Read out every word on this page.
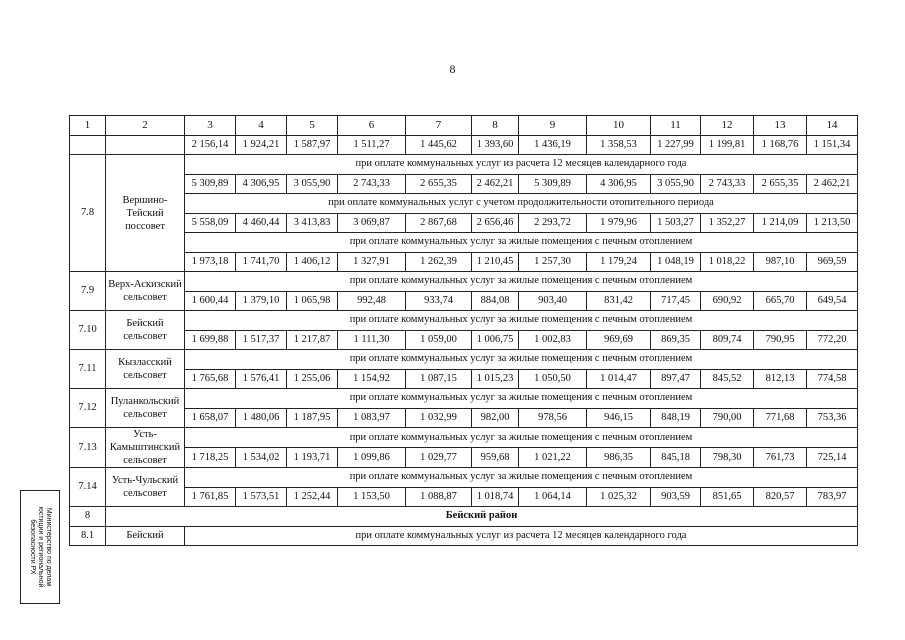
8
1	2	3	4	5	6	7	8	9	10	11	12	13	14
		2 156,14	1 924,21	1 587,97	1 511,27	1 445,62	1 393,60	1 436,19	1 358,53	1 227,99	1 199,81	1 168,76	1 151,34
7.8	Вершино-Тейский поссовет	при оплате коммунальных услуг из расчета 12 месяцев календарного года											
		5 309,89	4 306,95	3 055,90	2 743,33	2 655,35	2 462,21	5 309,89	4 306,95	3 055,90	2 743,33	2 655,35	2 462,21
		при оплате коммунальных услуг с учетом продолжительности отопительного периода											
		5 558,09	4 460,44	3 413,83	3 069,87	2 867,68	2 656,46	2 293,72	1 979,96	1 503,27	1 352,27	1 214,09	1 213,50
		при оплате коммунальных услуг за жилые помещения с печным отоплением											
		1 973,18	1 741,70	1 406,12	1 327,91	1 262,39	1 210,45	1 257,30	1 179,24	1 048,19	1 018,22	987,10	969,59
7.9	Верх-Аскизский сельсовет	при оплате коммунальных услуг за жилые помещения с печным отоплением											
		1 600,44	1 379,10	1 065,98	992,48	933,74	884,08	903,40	831,42	717,45	690,92	665,70	649,54
7.10	Бейский сельсовет	при оплате коммунальных услуг за жилые помещения с печным отоплением											
		1 699,88	1 517,37	1 217,87	1 111,30	1 059,00	1 006,75	1 002,83	969,69	869,35	809,74	790,95	772,20
7.11	Кызласский сельсовет	при оплате коммунальных услуг за жилые помещения с печным отоплением											
		1 765,68	1 576,41	1 255,06	1 154,92	1 087,15	1 015,23	1 050,50	1 014,47	897,47	845,52	812,13	774,58
7.12	Пуланкольский сельсовет	при оплате коммунальных услуг за жилые помещения с печным отоплением											
		1 658,07	1 480,06	1 187,95	1 083,97	1 032,99	982,00	978,56	946,15	848,19	790,00	771,68	753,36
7.13	Усть-Камыштинский сельсовет	при оплате коммунальных услуг за жилые помещения с печным отоплением											
		1 718,25	1 534,02	1 193,71	1 099,86	1 029,77	959,68	1 021,22	986,35	845,18	798,30	761,73	725,14
7.14	Усть-Чульский сельсовет	при оплате коммунальных услуг за жилые помещения с печным отоплением											
		1 761,85	1 573,51	1 252,44	1 153,50	1 088,87	1 018,74	1 064,14	1 025,32	903,59	851,65	820,57	783,97
8	Бейский район												
8.1	Бейский	при оплате коммунальных услуг из расчета 12 месяцев календарного года											
Министерство по делам
юстиции и региональной
безопасности РХ
